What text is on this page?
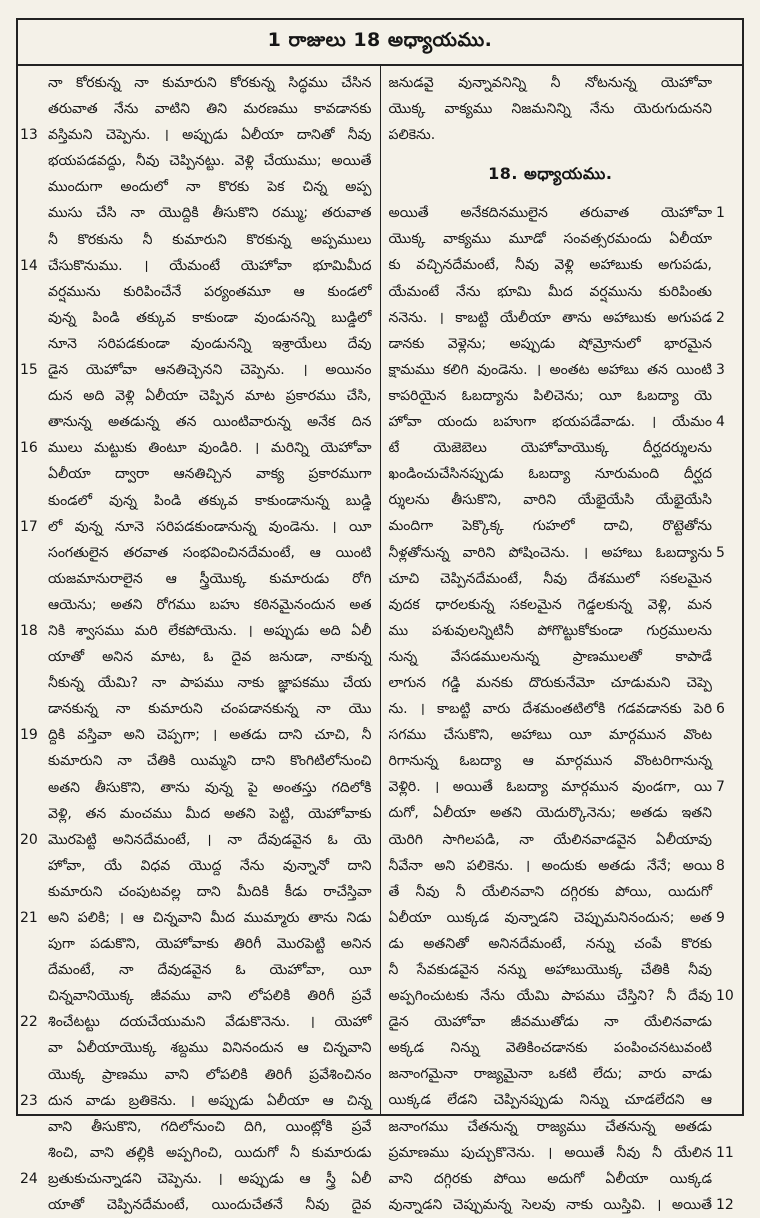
1 రాజులు 18 అధ్యాయము.
నా కోరకున్న నా కుమారుని కోరకున్న సిద్ధము చేసిన
తరువాత నేను వాటిని తిని మరణము కావడానకు
వస్తిమని చెప్పెను. । అప్పుడు ఏలీయా దానితో నీవు
13
భయపడవద్దు, నీవు చెప్పినట్టు. వెళ్లి చేయుము; అయితే
ముందుగా అందులో నా కొరకు పెక చిన్న అప్ప
ముసు చేసి నా యొద్దికి తీసుకొని రమ్ము; తరువాత
నీ కొరకును నీ కుమారుని కొరకున్న అప్పములు
చేసుకొనుము. । యేమంటే యెహోవా భూమిమీద
14
వర్షమును కురిపించేనే పర్యంతమూ ఆ కుండలో
వున్న పిండి తక్కువ కాకుండా వుండునన్ని బుడ్డిలో
నూనె సరిపడకుండా వుండునన్ని ఇశ్రాయేలు దేవు
డైన యెహోవా ఆనతిచ్చెనని చెప్పెను. । అయినం
15
దున అది వెళ్లి ఏలీయా చెప్పిన మాట ప్రకారము చేసి,
తానున్న అతడున్న తన యింటివారున్న అనేక దిన
ములు మట్టుకు తింటూ వుండిరి. । మరిన్ని యెహోవా
16
ఏలీయా ద్వారా ఆనతిచ్చిన వాక్య ప్రకారముగా
కుండలో వున్న పిండి తక్కువ కాకుండానున్న బుడ్డి
లో వున్న నూనె సరిపడకుండానున్న వుండెను. । యీ
17
సంగతులైన తరవాత సంభవించినదేమంటే, ఆ యింటి
యజమానురాలైన ఆ స్త్రీయొక్క కుమారుడు రోగి
ఆయెను; అతని రోగము బహు కఠినమైనందున అత
నికి శ్వాసము మరి లేకపోయెను. । అప్పుడు అది ఏలీ
18
యాతో అనిన మాట, ఓ దైవ జనుడా, నాకున్న
నీకున్న యేమి? నా పాపము నాకు జ్ఞాపకము చేయ
డానకున్న నా కుమారుని చంపడానకున్న నా యొ
ద్దికి వస్తివా అని చెప్పగా; । అతడు దాని చూచి, నీ
19
కుమారుని నా చేతికి యిమ్మని దాని కొంగిటిలోనుంచి
అతని తీసుకొని, తాను వున్న పై అంతస్తు గదిలోకి
వెళ్లి, తన మంచము మీద అతని పెట్టి, యెహోవాకు
మొరపెట్టి అనినదేమంటే, । నా దేవుడవైన ఓ యె
20
హోవా, యే విధవ యొద్ద నేను వున్నానో దాని
కుమారుని చంపుటవల్ల దాని మీదికి కీడు రాచేస్తివా
అని పలికి; । ఆ చిన్నవాని మీద ముమ్మారు తాను నిడు
21
పుగా పడుకొని, యెహోవాకు తిరిగీ మొరపెట్టి అనిన
దేమంటే, నా దేవుడవైన ఓ యెహోవా, యీ
చిన్నవానియొక్క జీవము వాని లోపలికి తిరిగీ ప్రవే
శించేటట్టు దయచేయుమని వేడుకొనెను. । యెహో
22
వా ఏలీయాయొక్క శబ్దము వినినందున ఆ చిన్నవాని
యొక్క ప్రాణము వాని లోపలికి తిరిగీ ప్రవేశించినం
దున వాడు బ్రతికెను. । అప్పుడు ఏలీయా ఆ చిన్న
23
వాని తీసుకొని, గదిలోనుంచి దిగి, యింట్లోకి ప్రవే
శించి, వాని తల్లికి అప్పగించి, యిదుగో నీ కుమారుడు
బ్రతుకుచున్నాడని చెప్పెను. । అప్పుడు ఆ స్త్రీ ఏలీ
24
యాతో చెప్పినదేమంటే, యిందుచేతనే నీవు దైవ
జనుడవై వున్నావనిన్ని నీ నోటనున్న యెహోవా
యొక్క వాక్యము నిజమనిన్ని నేను యెరుగుదునని
పలికెను.
18. అధ్యాయము.
అయితే అనేకదినములైన తరువాత యెహోవా 1
యొక్క వాక్యము మూడో సంవత్సరమందు ఏలీయా
కు వచ్చినదేమంటే, నీవు వెళ్లి అహాబుకు అగుపడు,
యేమంటే నేను భూమి మీద వర్షమును కురిపింతు
ననెను. । కాబట్టి యేలీయా తాను అహాబుకు అగుపడ 2
డానకు వెళ్లెను; అప్పుడు షోమ్రోనులో భారమైన
క్షామము కలిగి వుండెను. । అంతట అహాబు తన యింటి 3
కాపరియైన ఓబద్యాను పిలిచెను; యీ ఓబద్యా యె
హోవా యందు బహుగా భయపడేవాడు. । యేమం 4
టే యెజెబెలు యెహోవాయొక్క దీర్ఘదర్శులను
ఖండించుచేసినప్పుడు ఓబద్యా నూరుమంది దీర్ఘద
ర్శులను తీసుకొని, వారిని యేభైయేసి యేభైయేసి
మందిగా పెక్కొక్క గుహలో దాచి, రొట్టెతోను
నీళ్లతోనున్న వారిని పోషించెను. । అహాబు ఓబద్యాను 5
చూచి చెప్పినదేమంటే, నీవు దేశములో సకలమైన
వుదక ధారలకున్న సకలమైన గెడ్డలకున్న వెళ్లి, మన
ము పశువులన్నిటినీ పోగొట్టుకోకుండా గుర్రములను
నున్న వేసడములనున్న ప్రాణములతో కాపాడే
లాగున గడ్డి మనకు దొరుకునేమో చూడుమని చెప్పె
ను. । కాబట్టి వారు దేశమంతటిలోకి గడవడానకు పెరి 6
సగము చేసుకొని, అహాబు యీ మార్గమున వొంట
రిగానున్న ఓబద్యా ఆ మార్గమున వొంటరిగానున్న
వెళ్లిరి. । అయితే ఓబద్యా మార్గమున వుండగా, యి 7
దుగో, ఏలీయా అతని యెదుర్కొనెను; అతడు ఇతని
యెరిగి సాగిలపడి, నా యేలినవాడవైన ఏలీయావు
నీవేనా అని పలికెను. । అందుకు అతడు నేనే; అయి 8
తే నీవు నీ యేలినవాని దగ్గిరకు పోయి, యిదుగో
ఏలీయా యిక్కడ వున్నాడని చెప్పుమనినందున; అత 9
డు అతనితో అనినదేమంటే, నన్ను చంపే కొరకు
నీ సేవకుడవైన నన్ను అహాబుయొక్క చేతికి నీవు
అప్పగించుటకు నేను యేమి పాపము చేస్తిని? నీ దేవు 10
డైన యెహోవా జీవముతోడు నా యేలినవాడు
అక్కడ నిన్ను వెతికించడానకు పంపించనటువంటి
జనాంగమైనా రాజ్యమైనా ఒకటి లేదు; వారు వాడు
యిక్కడ లేడని చెప్పినప్పుడు నిన్ను చూడలేదని ఆ
జనాంగము చేతనున్న రాజ్యము చేతనున్న అతడు
ప్రమాణము పుచ్చుకొనెను. । అయితే నీవు నీ యేలిన 11
వాని దగ్గిరకు పోయి అదుగో ఏలీయా యిక్కడ
వున్నాడని చెప్పుమన్న సెలవు నాకు యిస్తివి. । అయితే 12
